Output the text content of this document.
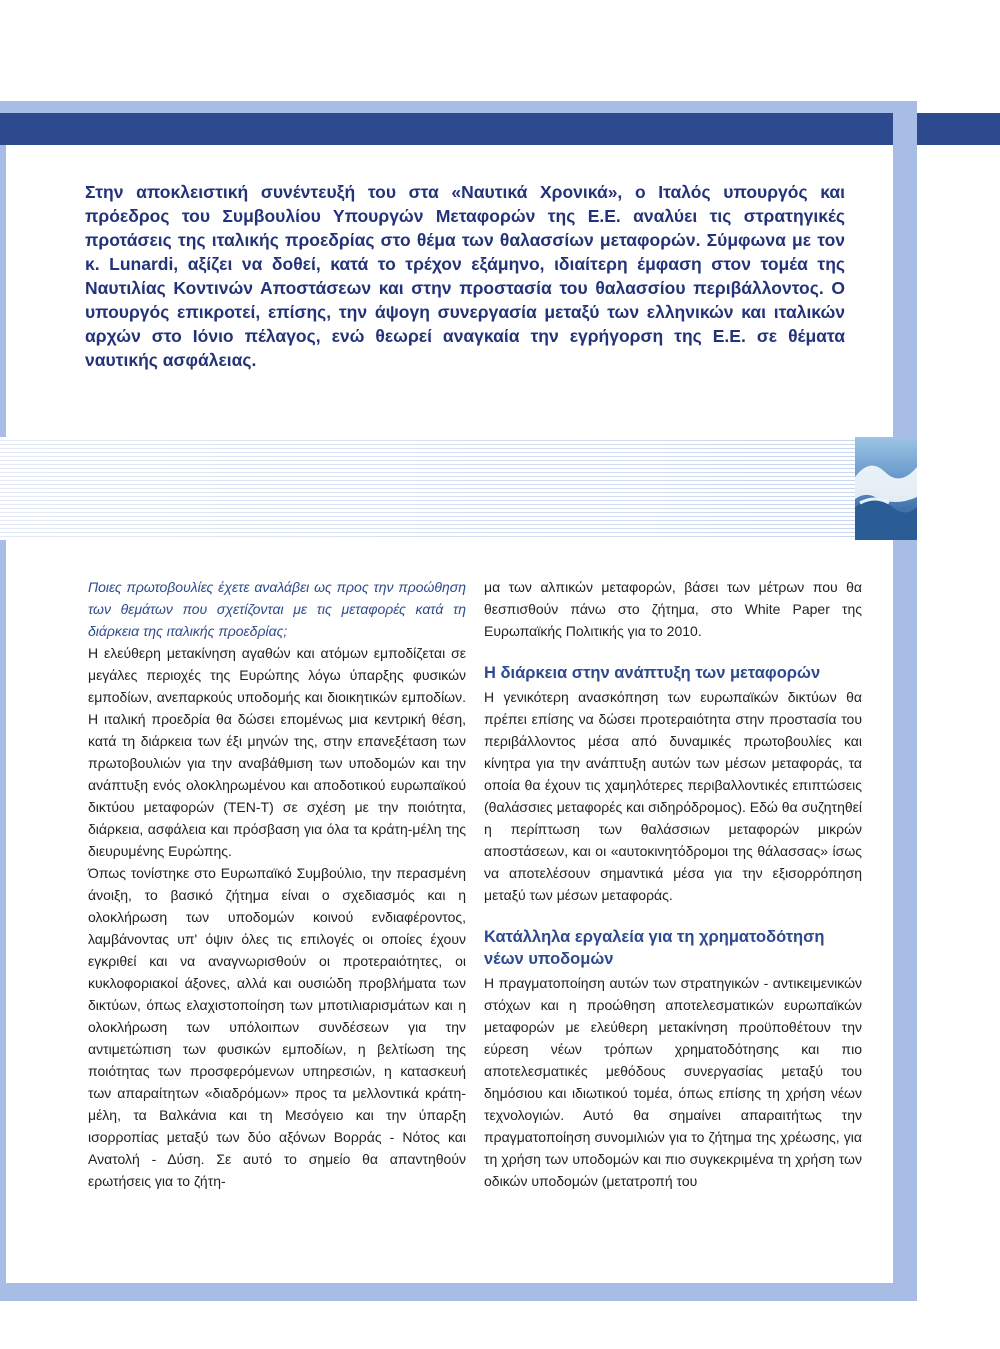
Στην αποκλειστική συνέντευξή του στα «Ναυτικά Χρονικά», ο Ιταλός υπουργός και πρόεδρος του Συμβουλίου Υπουργών Μεταφορών της Ε.Ε. αναλύει τις στρατηγικές προτάσεις της ιταλικής προεδρίας στο θέμα των θαλασσίων μεταφορών. Σύμφωνα με τον κ. Lunardi, αξίζει να δοθεί, κατά το τρέχον εξάμηνο, ιδιαίτερη έμφαση στον τομέα της Ναυτιλίας Κοντινών Αποστάσεων και στην προστασία του θαλασσίου περιβάλλοντος. Ο υπουργός επικροτεί, επίσης, την άψογη συνεργασία μεταξύ των ελληνικών και ιταλικών αρχών στο Ιόνιο πέλαγος, ενώ θεωρεί αναγκαία την εγρήγορση της Ε.Ε. σε θέματα ναυτικής ασφάλειας.

Ποιες πρωτοβουλίες έχετε αναλάβει ως προς την προώθηση των θεμάτων που σχετίζονται με τις μεταφορές κατά τη διάρκεια της ιταλικής προεδρίας;

Η ελεύθερη μετακίνηση αγαθών και ατόμων εμποδίζεται σε μεγάλες περιοχές της Ευρώπης λόγω ύπαρξης φυσικών εμποδίων, ανεπαρκούς υποδομής και διοικητικών εμποδίων. Η ιταλική προεδρία θα δώσει επομένως μια κεντρική θέση, κατά τη διάρκεια των έξι μηνών της, στην επανεξέταση των πρωτοβουλιών για την αναβάθμιση των υποδομών και την ανάπτυξη ενός ολοκληρωμένου και αποδοτικού ευρωπαϊκού δικτύου μεταφορών (TEN-T) σε σχέση με την ποιότητα, διάρκεια, ασφάλεια και πρόσβαση για όλα τα κράτη-μέλη της διευρυμένης Ευρώπης.

Όπως τονίστηκε στο Ευρωπαϊκό Συμβούλιο, την περασμένη άνοιξη, το βασικό ζήτημα είναι ο σχεδιασμός και η ολοκλήρωση των υποδομών κοινού ενδιαφέροντος, λαμβάνοντας υπ' όψιν όλες τις επιλογές οι οποίες έχουν εγκριθεί και να αναγνωρισθούν οι προτεραιότητες, οι κυκλοφοριακοί άξονες, αλλά και ουσιώδη προβλήματα των δικτύων, όπως ελαχιστοποίηση των μποτιλιαρισμάτων και η ολοκλήρωση των υπόλοιπων συνδέσεων για την αντιμετώπιση των φυσικών εμποδίων, η βελτίωση της ποιότητας των προσφερόμενων υπηρεσιών, η κατασκευή των απαραίτητων «διαδρόμων» προς τα μελλοντικά κράτη-μέλη, τα Βαλκάνια και τη Μεσόγειο και την ύπαρξη ισορροπίας μεταξύ των δύο αξόνων Βορράς - Νότος και Ανατολή - Δύση. Σε αυτό το σημείο θα απαντηθούν ερωτήσεις για το ζήτη-

μα των αλπικών μεταφορών, βάσει των μέτρων που θα θεσπισθούν πάνω στο ζήτημα, στο White Paper της Ευρωπαϊκής Πολιτικής για το 2010.

Η διάρκεια στην ανάπτυξη των μεταφορών

Η γενικότερη ανασκόπηση των ευρωπαϊκών δικτύων θα πρέπει επίσης να δώσει προτεραιότητα στην προστασία του περιβάλλοντος μέσα από δυναμικές πρωτοβουλίες και κίνητρα για την ανάπτυξη αυτών των μέσων μεταφοράς, τα οποία θα έχουν τις χαμηλότερες περιβαλλοντικές επιπτώσεις (θαλάσσιες μεταφορές και σιδηρόδρομος). Εδώ θα συζητηθεί η περίπτωση των θαλάσσιων μεταφορών μικρών αποστάσεων, και οι «αυτοκινητόδρομοι της θάλασσας» ίσως να αποτελέσουν σημαντικά μέσα για την εξισορρόπηση μεταξύ των μέσων μεταφοράς.

Κατάλληλα εργαλεία για τη χρηματοδότηση νέων υποδομών

Η πραγματοποίηση αυτών των στρατηγικών - αντικειμενικών στόχων και η προώθηση αποτελεσματικών ευρωπαϊκών μεταφορών με ελεύθερη μετακίνηση προϋποθέτουν την εύρεση νέων τρόπων χρηματοδότησης και πιο αποτελεσματικές μεθόδους συνεργασίας μεταξύ του δημόσιου και ιδιωτικού τομέα, όπως επίσης τη χρήση νέων τεχνολογιών. Αυτό θα σημαίνει απαραιτήτως την πραγματοποίηση συνομιλιών για το ζήτημα της χρέωσης, για τη χρήση των υποδομών και πιο συγκεκριμένα τη χρήση των οδικών υποδομών (μετατροπή του
